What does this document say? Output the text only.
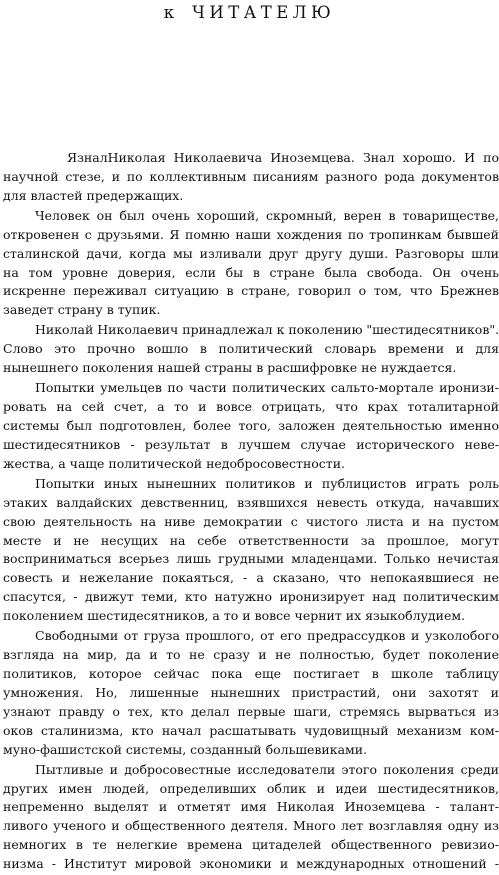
к ЧИТАТЕЛЮ
ЯзналНиколая Николаевича Иноземцева. Знал хорошо. И по
научной стезе, и по коллективным писаниям разного рода документов
для властей предержащих.
Человек он был очень хороший, скромный, верен в товариществе,
откровенен с друзьями. Я помню наши хождения по тропинкам бывшей
сталинской дачи, когда мы изливали друг другу души. Разговоры шли
на том уровне доверия, если бы в стране была свобода. Он очень
искренне переживал ситуацию в стране, говорил о том, что Брежнев
заведет страну в тупик.
Николай Николаевич принадлежал к поколению "шестидесятников".
Слово это прочно вошло в политический словарь времени и для
нынешнего поколения нашей страны в расшифровке не нуждается.
Попытки умельцев по части политических сальто-мортале иронизи-
ровать на сей счет, а то и вовсе отрицать, что крах тоталитарной
системы был подготовлен, более того, заложен деятельностью именно
шестидесятников - результат в лучшем случае исторического неве-
жества, а чаще политической недобросовестности.
Попытки иных нынешних политиков и публицистов играть роль
этаких валдайских девственниц, взявшихся невесть откуда, начавших
свою деятельность на ниве демократии с чистого листа и на пустом
месте и не несущих на себе ответственности за прошлое, могут
восприниматься всерьез лишь грудными младенцами. Только нечистая
совесть и нежелание покаяться, - а сказано, что непокаявшиеся не
спасутся, - движут теми, кто натужно иронизирует над политическим
поколением шестидесятников, а то и вовсе чернит их языкоблудием.
Свободными от груза прошлого, от его предрассудков и узколобого
взгляда на мир, да и то не сразу и не полностью, будет поколение
политиков, которое сейчас пока еще постигает в школе таблицу
умножения. Но, лишенные нынешних пристрастий, они захотят и
узнают правду о тех, кто делал первые шаги, стремясь вырваться из
оков сталинизма, кто начал расшатывать чудовищный механизм ком-
муно-фашистской системы, созданный большевиками.
Пытливые и добросовестные исследователи этого поколения среди
других имен людей, определивших облик и идеи шестидесятников,
непременно выделят и отметят имя Николая Иноземцева - талант-
ливого ученого и общественного деятеля. Много лет возглавляя одну из
немногих в те нелегкие времена цитаделей общественного ревизио-
низма - Институт мировой экономики и международных отношений -
